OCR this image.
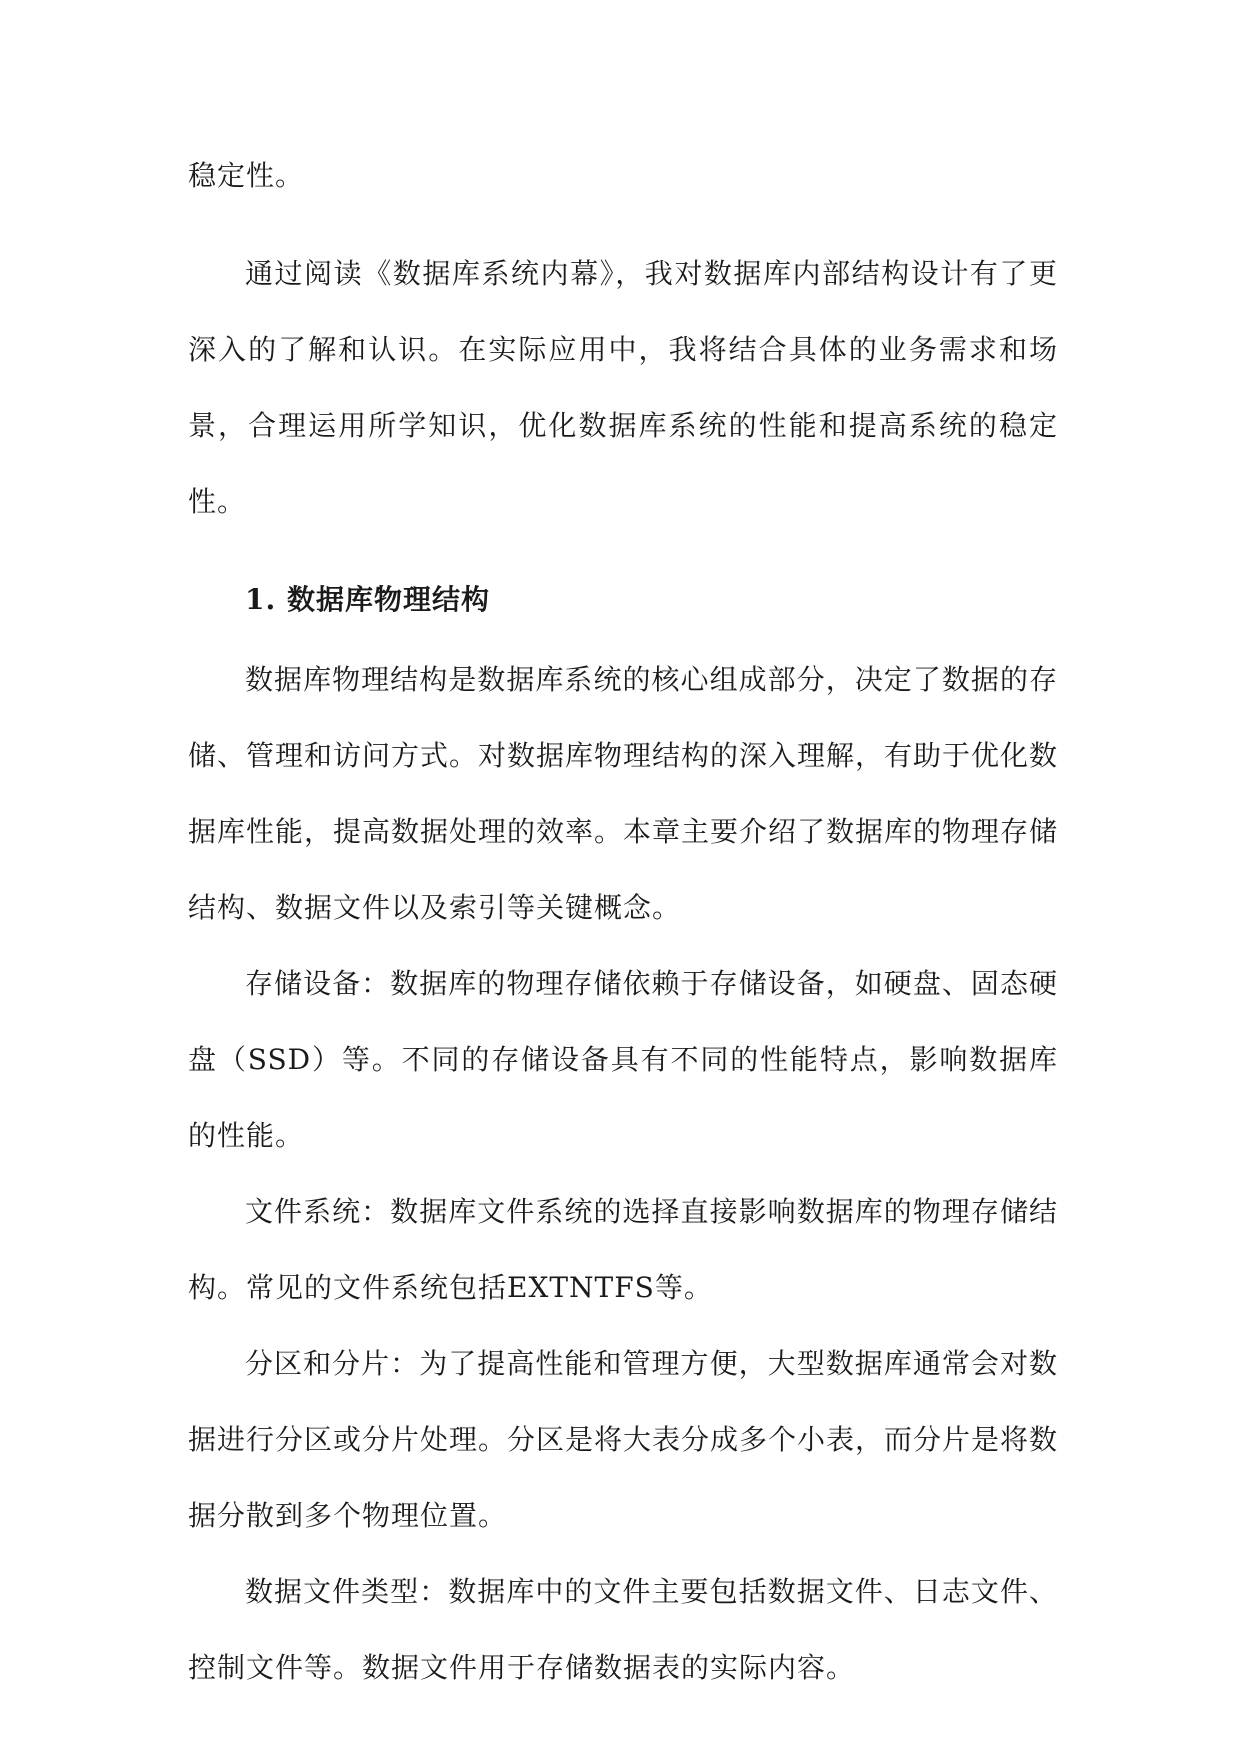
稳定性。

通过阅读《数据库系统内幕》，我对数据库内部结构设计有了更深入的了解和认识。在实际应用中，我将结合具体的业务需求和场景，合理运用所学知识，优化数据库系统的性能和提高系统的稳定性。

1. 数据库物理结构

数据库物理结构是数据库系统的核心组成部分，决定了数据的存储、管理和访问方式。对数据库物理结构的深入理解，有助于优化数据库性能，提高数据处理的效率。本章主要介绍了数据库的物理存储结构、数据文件以及索引等关键概念。

存储设备：数据库的物理存储依赖于存储设备，如硬盘、固态硬盘（SSD）等。不同的存储设备具有不同的性能特点，影响数据库的性能。

文件系统：数据库文件系统的选择直接影响数据库的物理存储结构。常见的文件系统包括EXTNTFS等。

分区和分片：为了提高性能和管理方便，大型数据库通常会对数据进行分区或分片处理。分区是将大表分成多个小表，而分片是将数据分散到多个物理位置。

数据文件类型：数据库中的文件主要包括数据文件、日志文件、控制文件等。数据文件用于存储数据表的实际内容。
